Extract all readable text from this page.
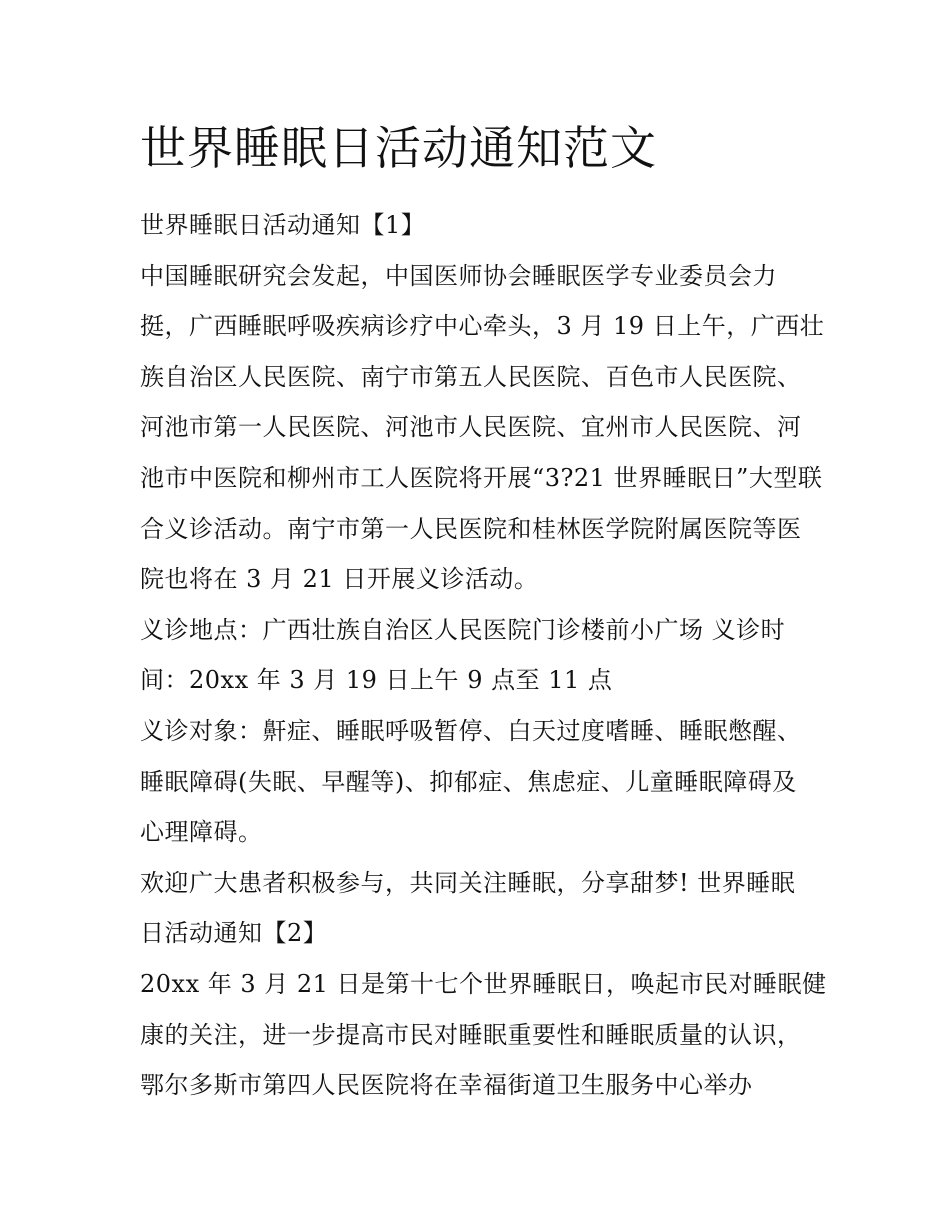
世界睡眠日活动通知范文

世界睡眠日活动通知【1】

中国睡眠研究会发起，中国医师协会睡眠医学专业委员会力

挺，广西睡眠呼吸疾病诊疗中心牵头，3 月 19 日上午，广西壮

族自治区人民医院、南宁市第五人民医院、百色市人民医院、

河池市第一人民医院、河池市人民医院、宜州市人民医院、河

池市中医院和柳州市工人医院将开展“3?21 世界睡眠日”大型联

合义诊活动。南宁市第一人民医院和桂林医学院附属医院等医

院也将在 3 月 21 日开展义诊活动。

义诊地点：广西壮族自治区人民医院门诊楼前小广场 义诊时

间：20xx 年 3 月 19 日上午 9 点至 11 点

义诊对象：鼾症、睡眠呼吸暂停、白天过度嗜睡、睡眠憋醒、

睡眠障碍(失眠、早醒等)、抑郁症、焦虑症、儿童睡眠障碍及

心理障碍。

欢迎广大患者积极参与，共同关注睡眠，分享甜梦! 世界睡眠

日活动通知【2】

20xx 年 3 月 21 日是第十七个世界睡眠日，唤起市民对睡眠健

康的关注，进一步提高市民对睡眠重要性和睡眠质量的认识，

鄂尔多斯市第四人民医院将在幸福街道卫生服务中心举办
